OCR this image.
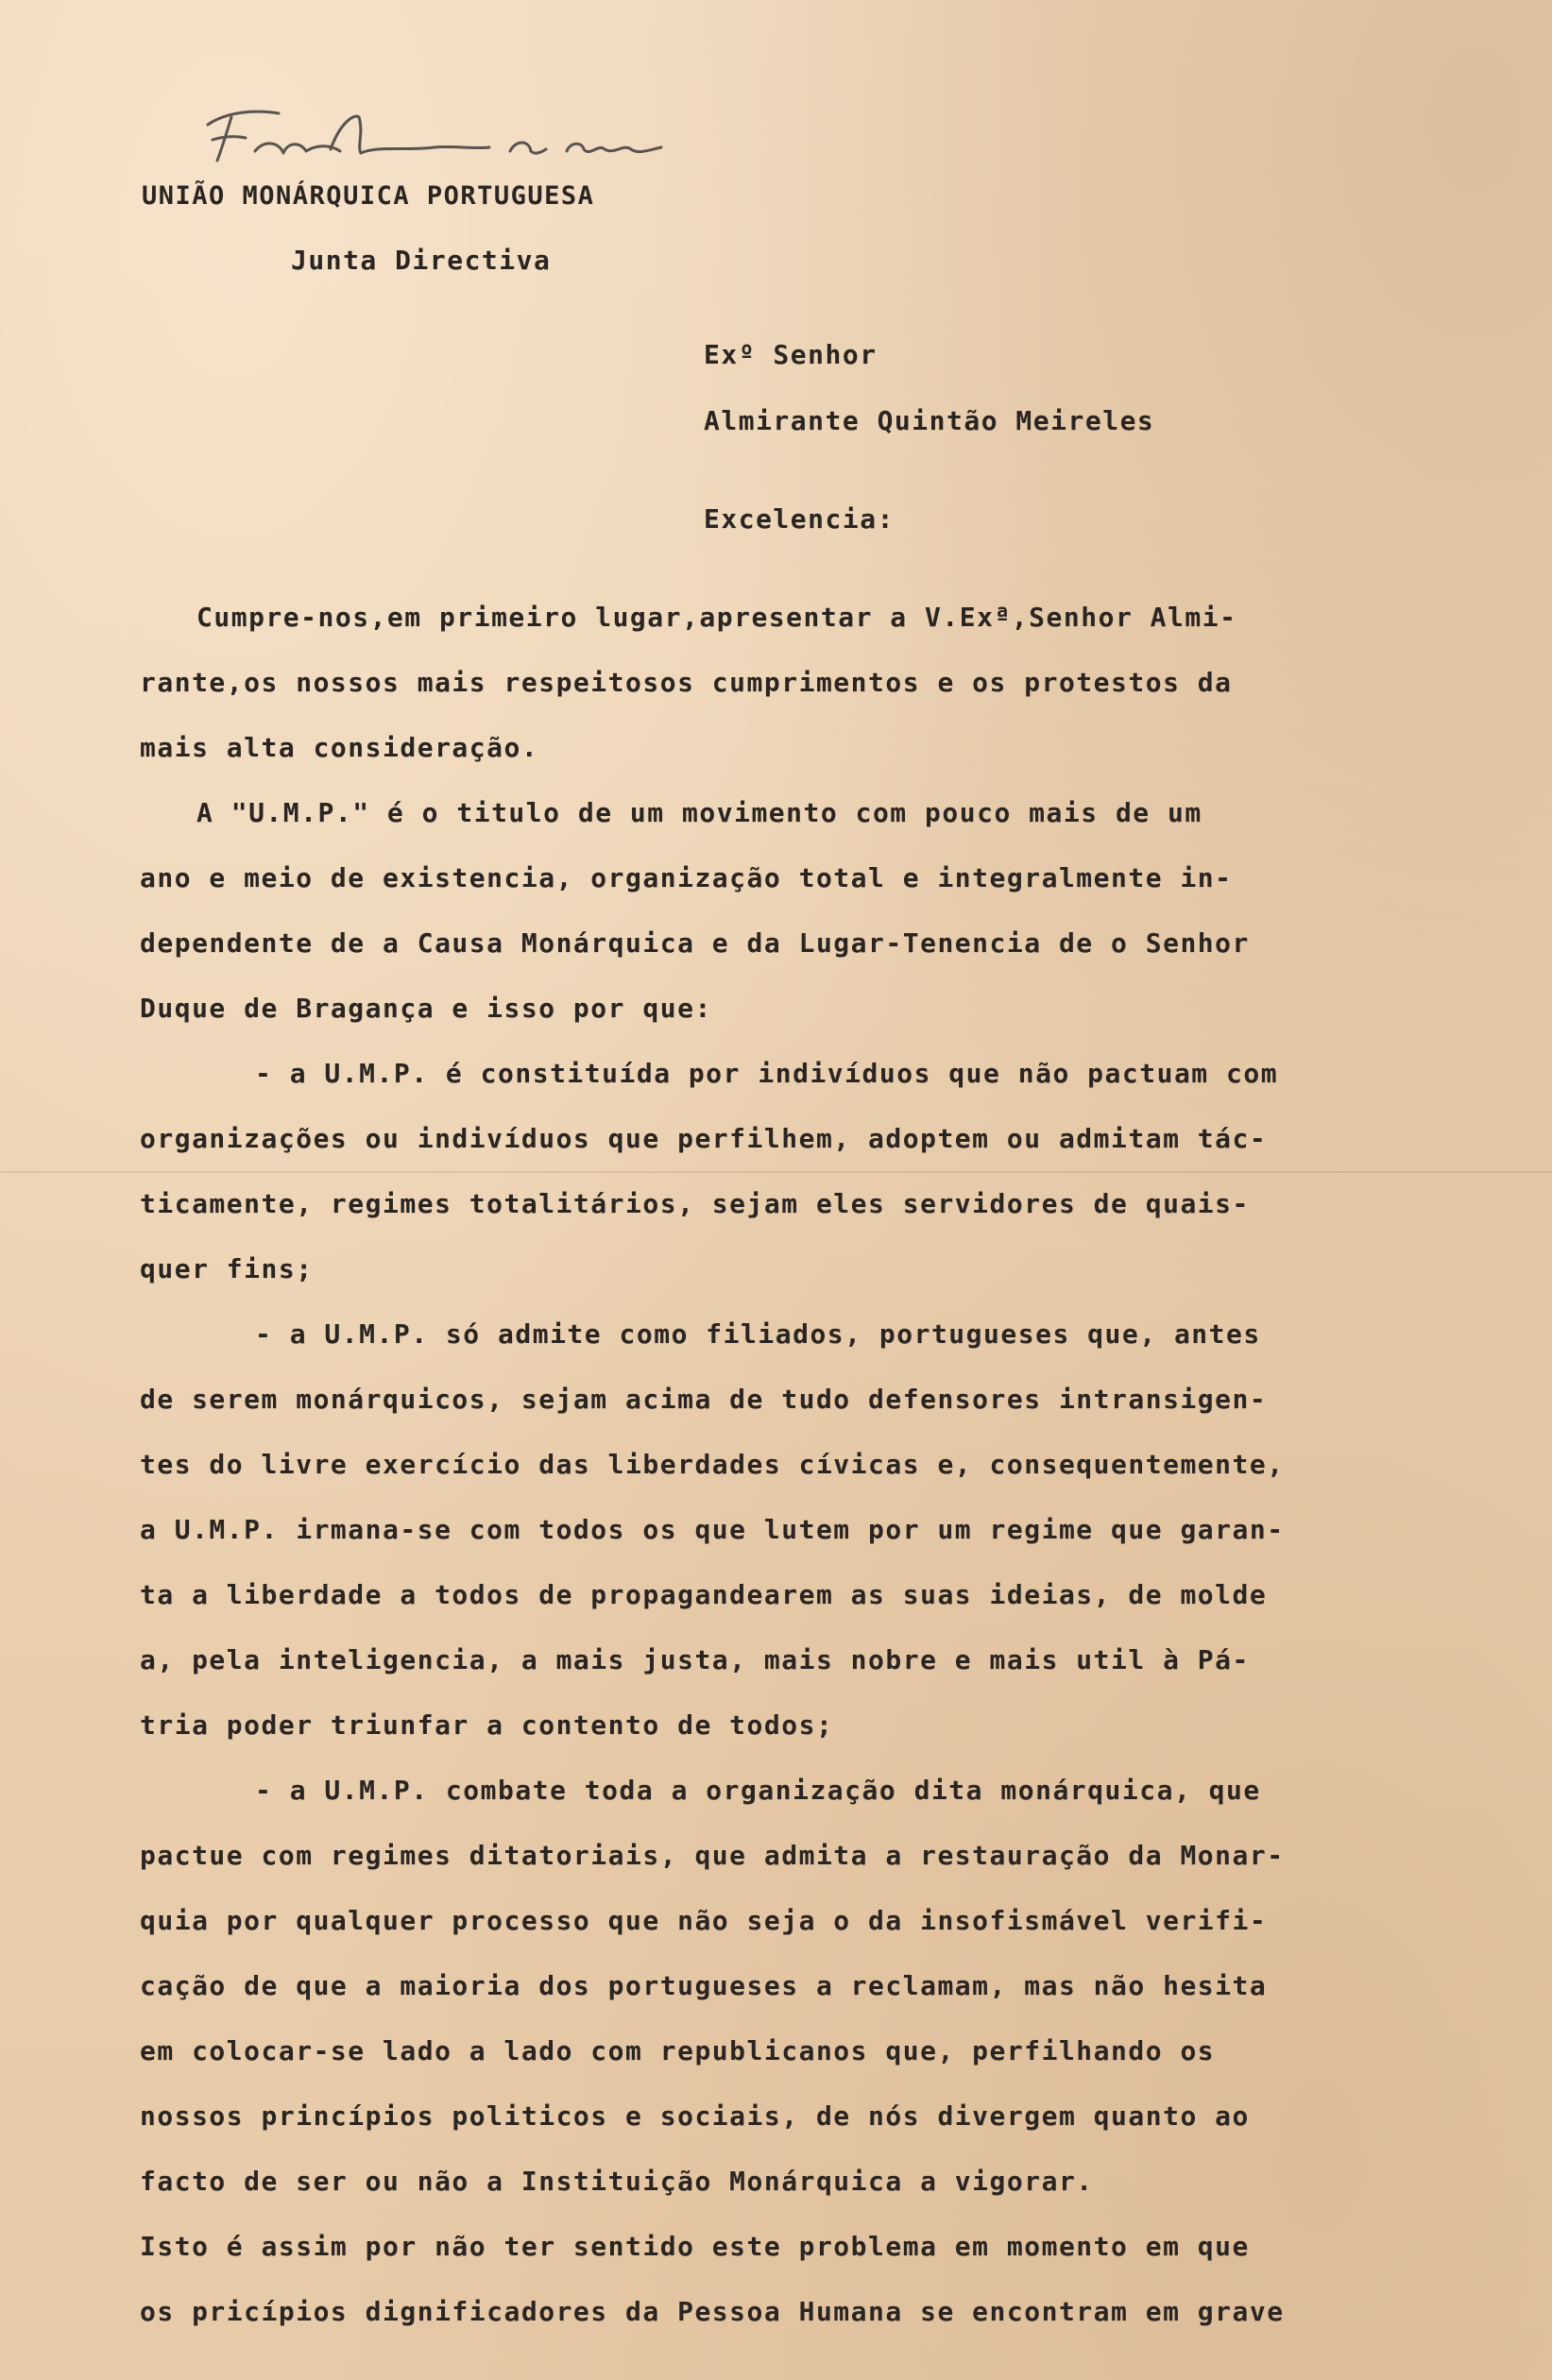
UNIÃO MONÁRQUICA PORTUGUESA
Junta Directiva
Exº Senhor
Almirante Quintão Meireles
Excelencia:
Cumpre-nos,em primeiro lugar,apresentar a V.Exª,Senhor Almi-
rante,os nossos mais respeitosos cumprimentos e os protestos da
mais alta consideração.
A "U.M.P." é o titulo de um movimento com pouco mais de um
ano e meio de existencia, organização total e integralmente in-
dependente de a Causa Monárquica e da Lugar-Tenencia de o Senhor
Duque de Bragança e isso por que:
- a U.M.P. é constituída por indivíduos que não pactuam com
organizações ou indivíduos que perfilhem, adoptem ou admitam tác-
ticamente, regimes totalitários, sejam eles servidores de quais-
quer fins;
- a U.M.P. só admite como filiados, portugueses que, antes
de serem monárquicos, sejam acima de tudo defensores intransigen-
tes do livre exercício das liberdades cívicas e, consequentemente,
a U.M.P. irmana-se com todos os que lutem por um regime que garan-
ta a liberdade a todos de propagandearem as suas ideias, de molde
a, pela inteligencia, a mais justa, mais nobre e mais util à Pá-
tria poder triunfar a contento de todos;
- a U.M.P. combate toda a organização dita monárquica, que
pactue com regimes ditatoriais, que admita a restauração da Monar-
quia por qualquer processo que não seja o da insofismável verifi-
cação de que a maioria dos portugueses a reclamam, mas não hesita
em colocar-se lado a lado com republicanos que, perfilhando os
nossos princípios politicos e sociais, de nós divergem quanto ao
facto de ser ou não a Instituição Monárquica a vigorar.
Isto é assim por não ter sentido este problema em momento em que
os pricípios dignificadores da Pessoa Humana se encontram em grave
